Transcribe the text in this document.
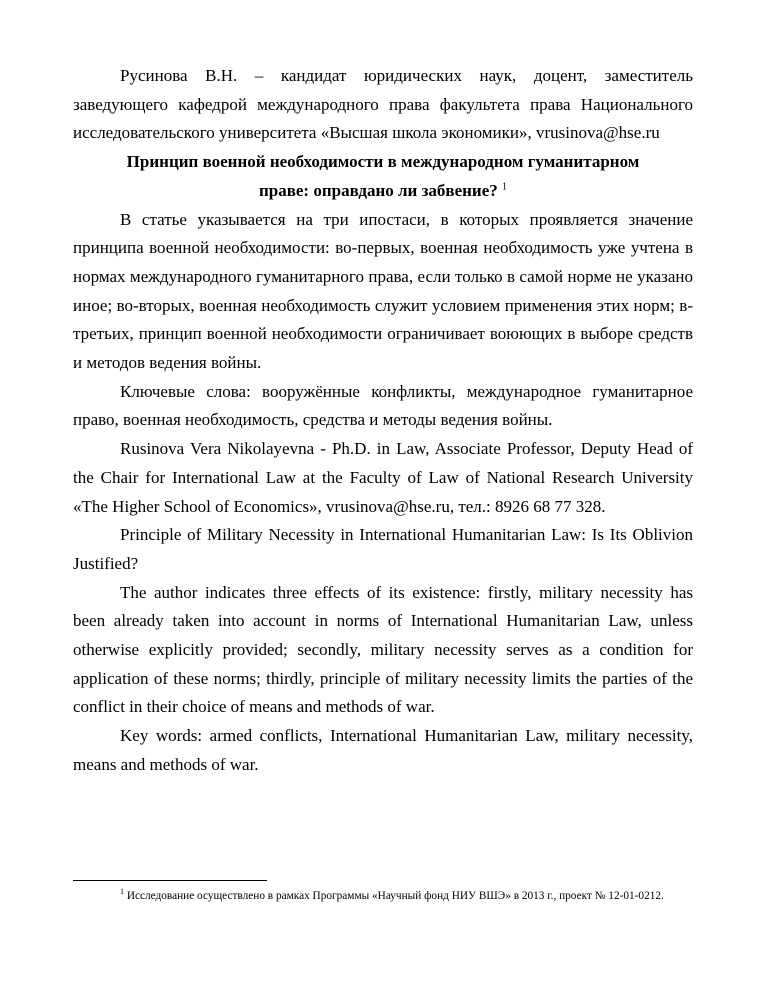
Русинова В.Н. – кандидат юридических наук, доцент, заместитель заведующего кафедрой международного права факультета права Национального исследовательского университета «Высшая школа экономики», vrusinova@hse.ru

Принцип военной необходимости в международном гуманитарном праве: оправдано ли забвение? $^1$

В статье указывается на три ипостаси, в которых проявляется значение принципа военной необходимости: во-первых, военная необходимость уже учтена в нормах международного гуманитарного права, если только в самой норме не указано иное; во-вторых, военная необходимость служит условием применения этих норм; в-третьих, принцип военной необходимости ограничивает воюющих в выборе средств и методов ведения войны.

Ключевые слова: вооружённые конфликты, международное гуманитарное право, военная необходимость, средства и методы ведения войны.

Rusinova Vera Nikolayevna - Ph.D. in Law, Associate Professor, Deputy Head of the Chair for International Law at the Faculty of Law of National Research University «The Higher School of Economics», vrusinova@hse.ru, тел.: 8926 68 77 328.

Principle of Military Necessity in International Humanitarian Law: Is Its Oblivion Justified?

The author indicates three effects of its existence: firstly, military necessity has been already taken into account in norms of International Humanitarian Law, unless otherwise explicitly provided; secondly, military necessity serves as a condition for application of these norms; thirdly, principle of military necessity limits the parties of the conflict in their choice of means and methods of war.

Key words: armed conflicts, International Humanitarian Law, military necessity, means and methods of war.

$^1$ Исследование осуществлено в рамках Программы «Научный фонд НИУ ВШЭ» в 2013 г., проект № 12-01-0212.
